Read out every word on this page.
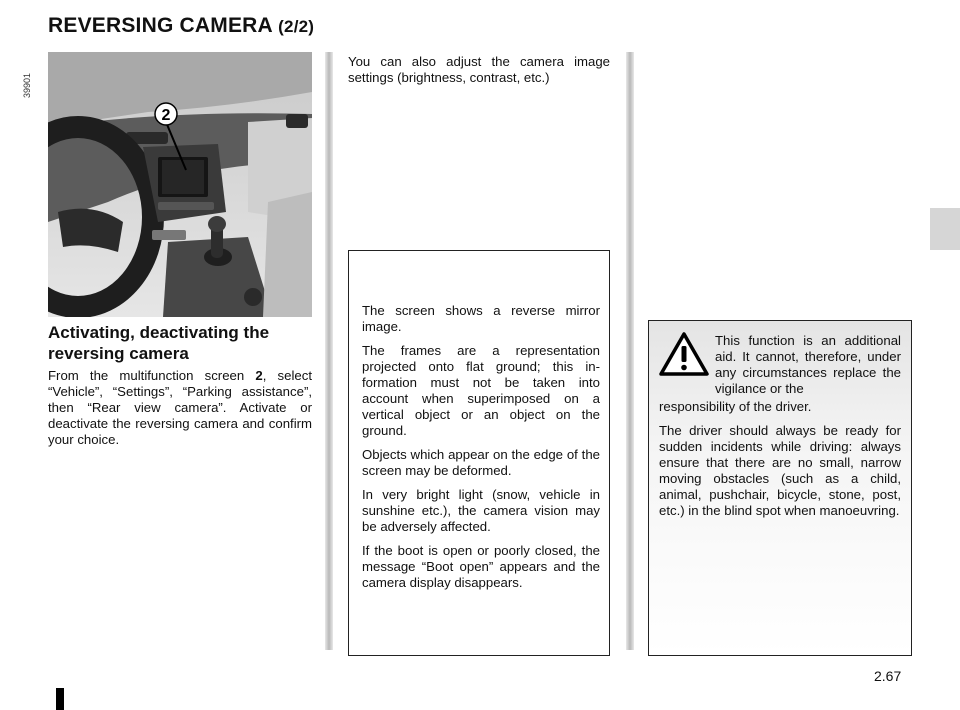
REVERSING CAMERA (2/2)
39901
2
Activating, deactivating the reversing camera
From the multifunction screen 2, select “Vehicle”, “Settings”, “Parking assistance”, then “Rear view camera”. Activate or deactivate the reversing camera and confirm your choice.
You can also adjust the camera image settings (brightness, contrast, etc.)

The screen shows a reverse mirror image.

The frames are a representation projected onto flat ground; this information must not be taken into account when superimposed on a vertical object or an object on the ground.

Objects which appear on the edge of the screen may be deformed.

In very bright light (snow, vehicle in sunshine etc.), the camera vision may be adversely affected.

If the boot is open or poorly closed, the message “Boot open” appears and the camera display disappears.

This function is an additional aid. It cannot, therefore, under any circumstances replace the vigilance or the

responsibility of the driver.

The driver should always be ready for sudden incidents while driving: always ensure that there are no small, narrow moving obstacles (such as a child, animal, pushchair, bicycle, stone, post, etc.) in the blind spot when manoeuvring.

2.67
